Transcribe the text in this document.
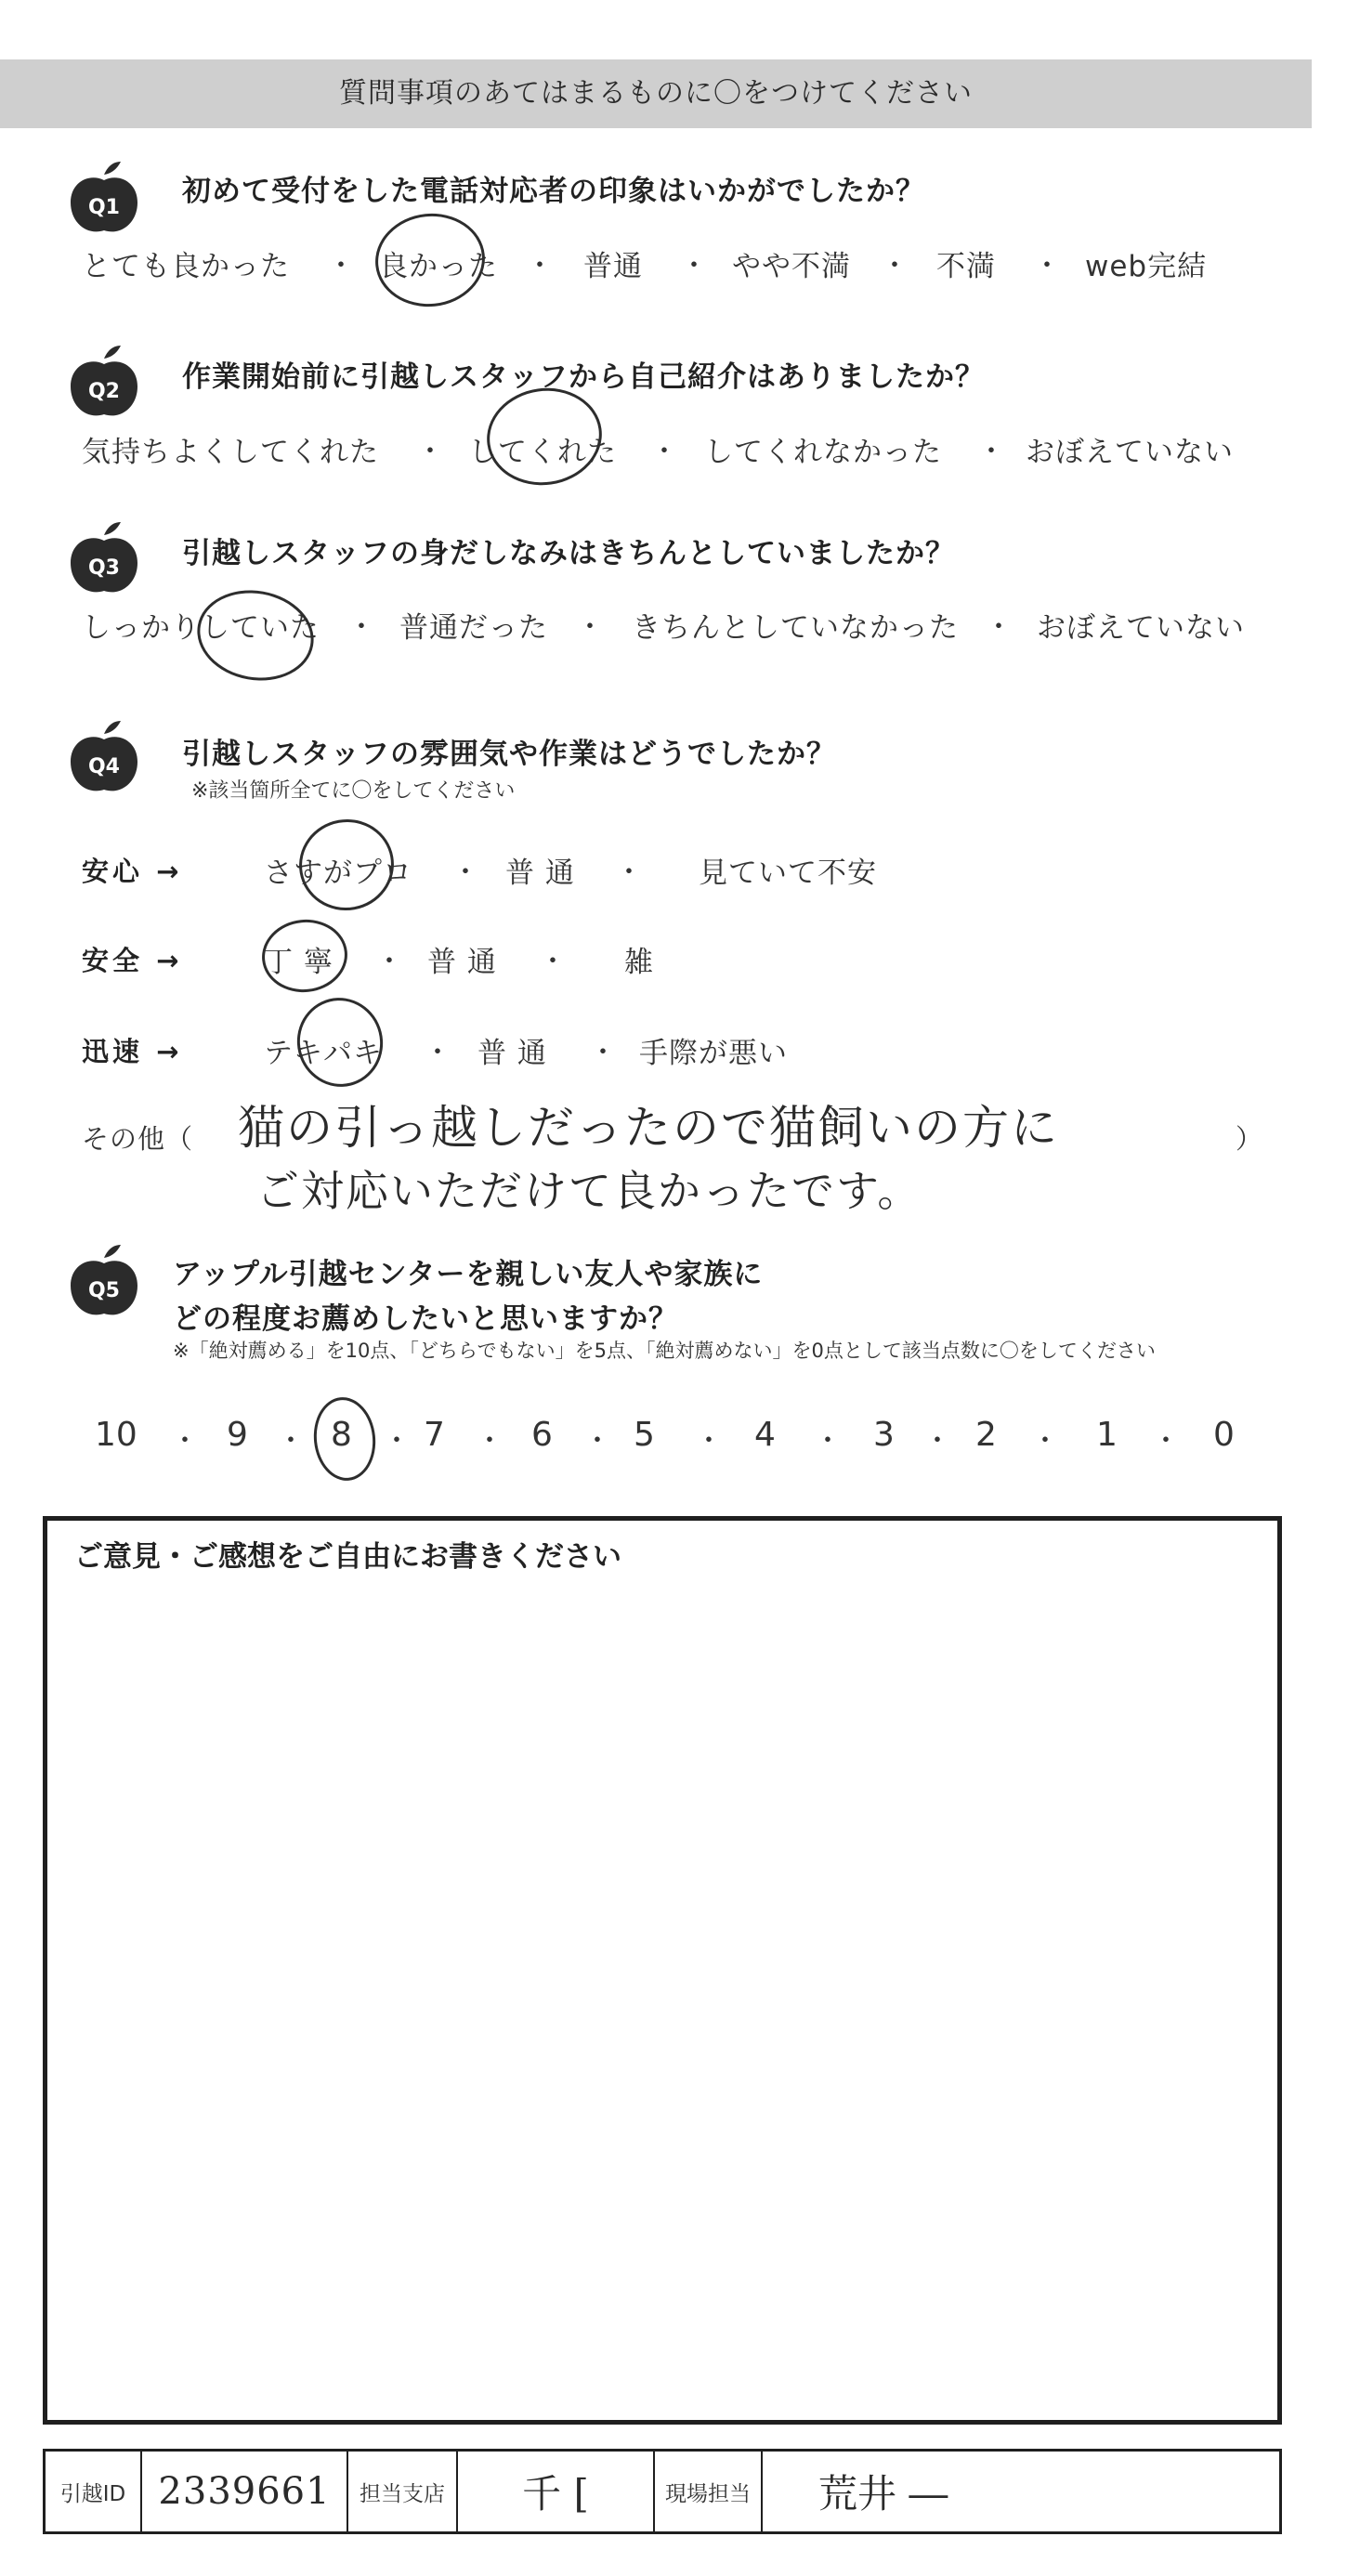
質問事項のあてはまるものに〇をつけてください
Q1 初めて受付をした電話対応者の印象はいかがでしたか？
とても良かった ・ 良かった ・ 普通 ・ やや不満 ・ 不満 ・ web完結
Q2 作業開始前に引越しスタッフから自己紹介はありましたか？
気持ちよくしてくれた ・ してくれた ・ してくれなかった ・ おぼえていない
Q3 引越しスタッフの身だしなみはきちんとしていましたか？
しっかりしていた ・ 普通だった ・ きちんとしていなかった ・ おぼえていない
Q4 引越しスタッフの雰囲気や作業はどうでしたか？
※該当箇所全てに〇をしてください
安心 →	さすがプロ ・ 普 通 ・ 見ていて不安
安全 →	丁 寧 ・ 普 通 ・ 雑
迅速 →	テキパキ ・ 普 通 ・ 手際が悪い
その他（	）
猫の引っ越しだったので猫飼いの方に
ご対応いただけて良かったです。
Q5 アップル引越センターを親しい友人や家族に
どの程度お薦めしたいと思いますか？
※「絶対薦める」を10点、「どちらでもない」を5点、「絶対薦めない」を0点として該当点数に〇をしてください
10 ・ 9 ・ 8 ・ 7 ・ 6 ・ 5 ・ 4 ・ 3 ・ 2 ・ 1 ・ 0
ご意見・ご感想をご自由にお書きください
引越ID 2339661	担当支店	千 [	現場担当	荒井 ―
